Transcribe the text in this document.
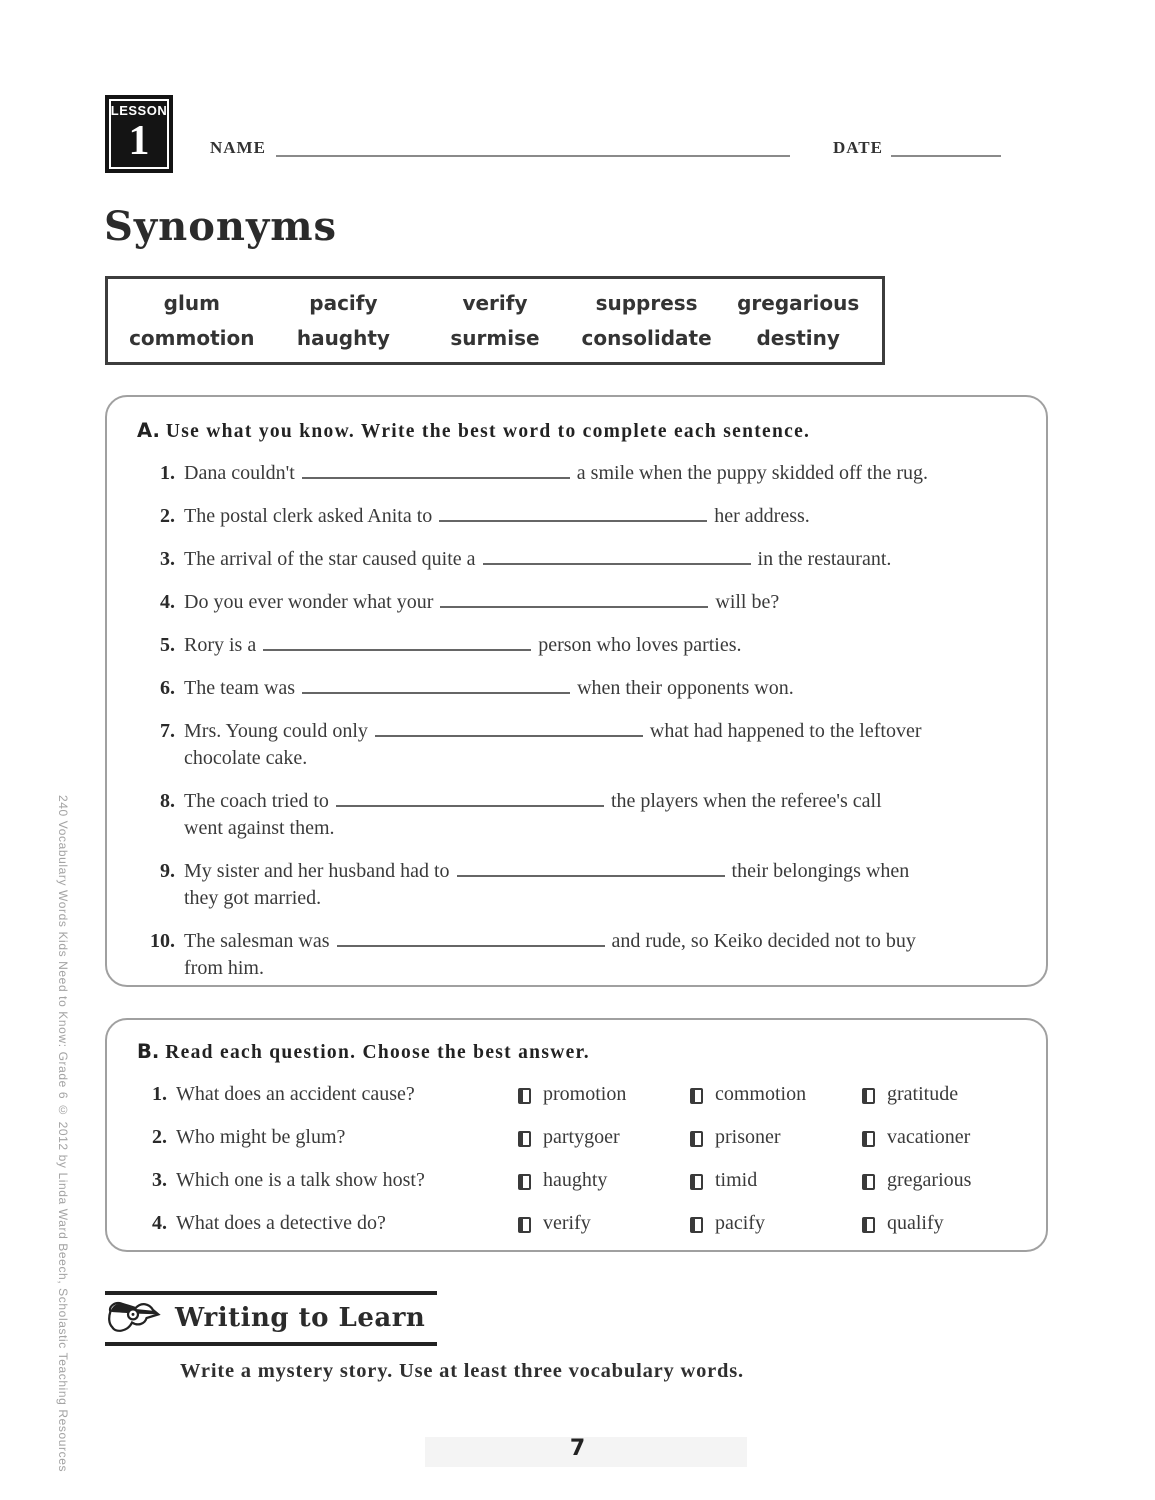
240 Vocabulary Words Kids Need to Know: Grade 6 © 2012 by Linda Ward Beech, Scholastic Teaching Resources
LESSON
1	NAME	DATE
Synonyms
glum	pacify	verify	suppress	gregarious
commotion	haughty	surmise	consolidate	destiny
A. Use what you know. Write the best word to complete each sentence.
1. Dana couldn't	a smile when the puppy skidded off the rug.
2. The postal clerk asked Anita to	her address.
3. The arrival of the star caused quite a	in the restaurant.
4. Do you ever wonder what your	will be?
5. Rory is a	person who loves parties.
6. The team was	when their opponents won.
7. Mrs. Young could only	what had happened to the leftover
chocolate cake.
8. The coach tried to	the players when the referee's call
went against them.
9. My sister and her husband had to	their belongings when
they got married.
10. The salesman was	and rude, so Keiko decided not to buy
from him.
B. Read each question. Choose the best answer.
1. What does an accident cause?	promotion	commotion	gratitude
2. Who might be glum?	partygoer	prisoner	vacationer
3. Which one is a talk show host?	haughty	timid	gregarious
4. What does a detective do?	verify	pacify	qualify
Writing to Learn
Write a mystery story. Use at least three vocabulary words.
7
